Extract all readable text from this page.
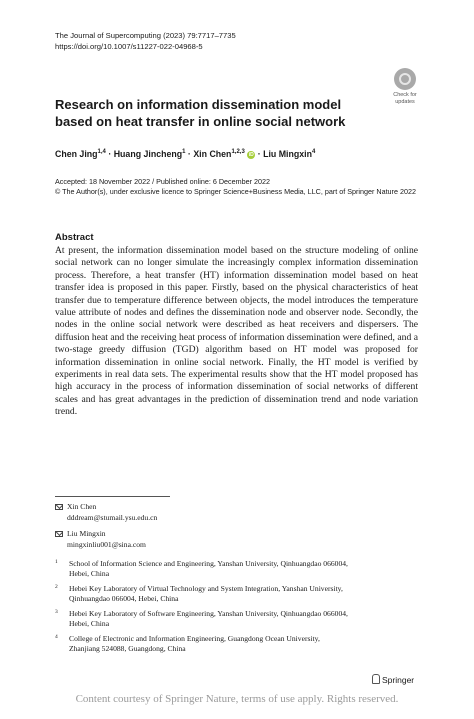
The Journal of Supercomputing (2023) 79:7717–7735
https://doi.org/10.1007/s11227-022-04968-5
Check for
updates
Research on information dissemination model based on heat transfer in online social network
Chen Jing$^{1,4}$ · Huang Jincheng$^1$ · Xin Chen$^{1,2,3}$ iD · Liu Mingxin$^4$
Accepted: 18 November 2022 / Published online: 6 December 2022
© The Author(s), under exclusive licence to Springer Science+Business Media, LLC, part of Springer Nature 2022
Abstract
At present, the information dissemination model based on the structure modeling of online social network can no longer simulate the increasingly complex information dissemination process. Therefore, a heat transfer (HT) information dissemination model based on heat transfer idea is proposed in this paper. Firstly, based on the physical characteristics of heat transfer due to temperature difference between objects, the model introduces the temperature value attribute of nodes and defines the dissemination node and observer node. Secondly, the nodes in the online social network were described as heat receivers and dispersers. The diffusion heat and the receiving heat process of information dissemination were defined, and a two-stage greedy diffusion (TGD) algorithm based on HT model was proposed for information dissemination in online social network. Finally, the HT model is verified by experiments in real data sets. The experimental results show that the HT model proposed has high accuracy in the process of information dissemination of social networks of different scales and has great advantages in the prediction of dissemination trend and node variation trend.
Xin Chen
dddream@stumail.ysu.edu.cn
Liu Mingxin
mingxinliu001@sina.com
1 School of Information Science and Engineering, Yanshan University, Qinhuangdao 066004,
Hebei, China
2 Hebei Key Laboratory of Virtual Technology and System Integration, Yanshan University,
Qinhuangdao 066004, Hebei, China
3 Hebei Key Laboratory of Software Engineering, Yanshan University, Qinhuangdao 066004,
Hebei, China
4 College of Electronic and Information Engineering, Guangdong Ocean University,
Zhanjiang 524088, Guangdong, China
Springer
Content courtesy of Springer Nature, terms of use apply. Rights reserved.
